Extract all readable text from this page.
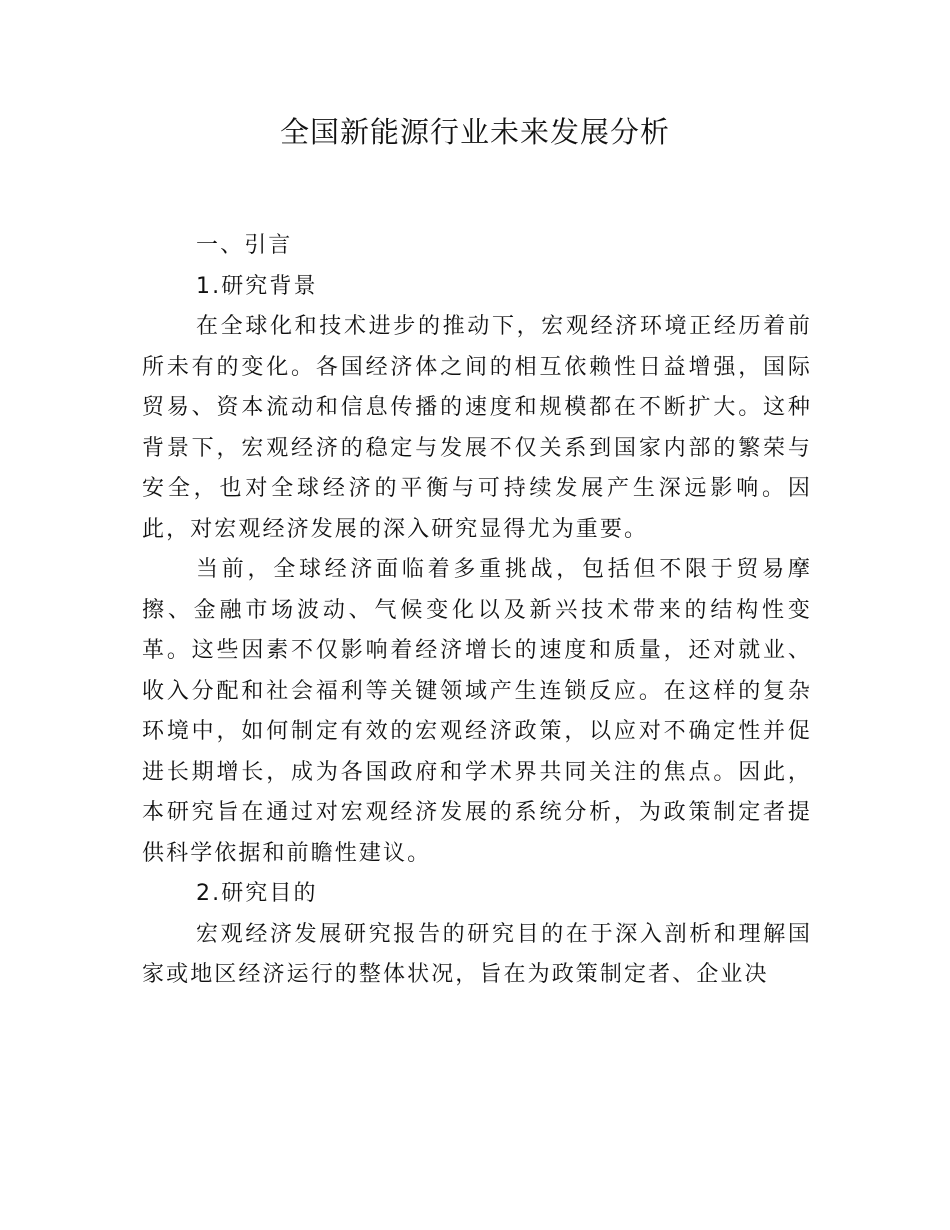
全国新能源行业未来发展分析
一、引言
1.研究背景

在全球化和技术进步的推动下，宏观经济环境正经历着前所未有的变化。各国经济体之间的相互依赖性日益增强，国际贸易、资本流动和信息传播的速度和规模都在不断扩大。这种背景下，宏观经济的稳定与发展不仅关系到国家内部的繁荣与安全，也对全球经济的平衡与可持续发展产生深远影响。因此，对宏观经济发展的深入研究显得尤为重要。

当前，全球经济面临着多重挑战，包括但不限于贸易摩擦、金融市场波动、气候变化以及新兴技术带来的结构性变革。这些因素不仅影响着经济增长的速度和质量，还对就业、收入分配和社会福利等关键领域产生连锁反应。在这样的复杂环境中，如何制定有效的宏观经济政策，以应对不确定性并促进长期增长，成为各国政府和学术界共同关注的焦点。因此，本研究旨在通过对宏观经济发展的系统分析，为政策制定者提供科学依据和前瞻性建议。

2.研究目的

宏观经济发展研究报告的研究目的在于深入剖析和理解国家或地区经济运行的整体状况，旨在为政策制定者、企业决
